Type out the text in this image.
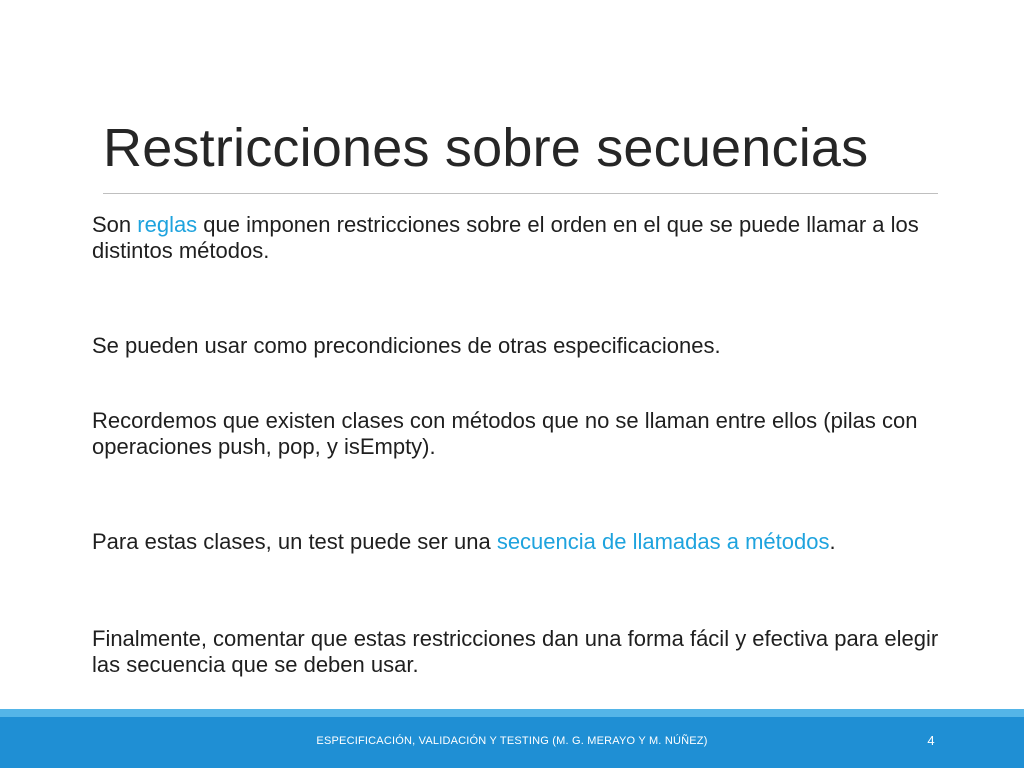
Restricciones sobre secuencias
Son reglas que imponen restricciones sobre el orden en el que se puede llamar a los distintos métodos.
Se pueden usar como precondiciones de otras especificaciones.
Recordemos que existen clases con métodos que no se llaman entre ellos (pilas con operaciones push, pop, y isEmpty).
Para estas clases, un test puede ser una secuencia de llamadas a métodos.
Finalmente, comentar que estas restricciones dan una forma fácil y efectiva para elegir las secuencia que se deben usar.
ESPECIFICACIÓN, VALIDACIÓN Y TESTING (M. G. MERAYO Y M. NÚÑEZ)	4
